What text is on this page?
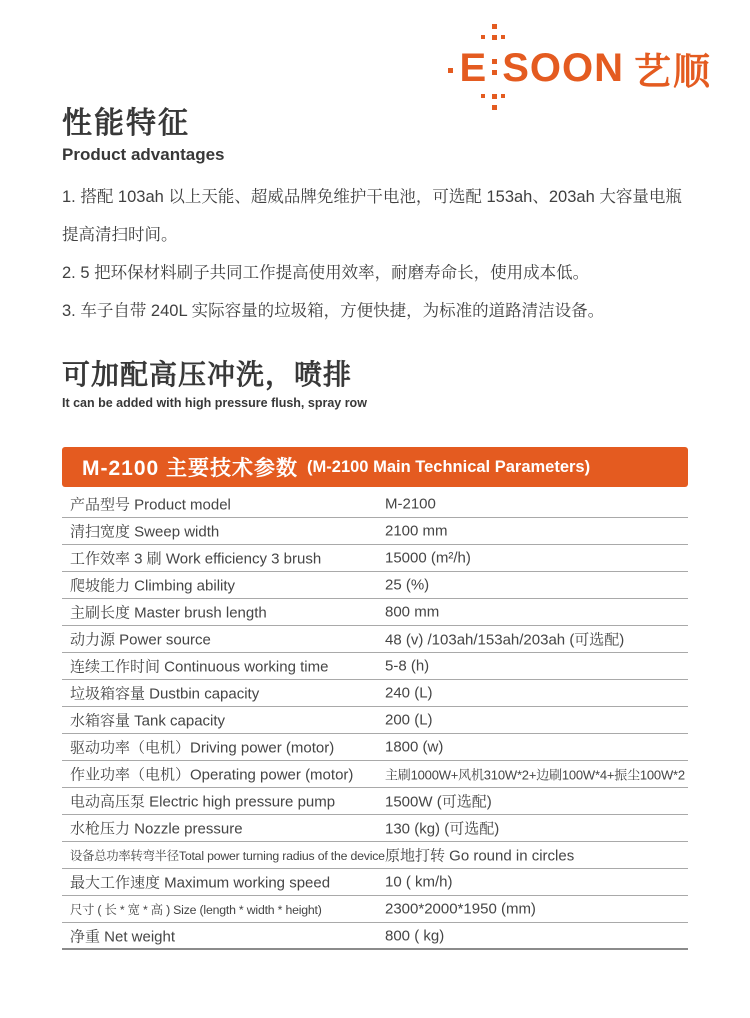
E SOON 艺顺
性能特征
Product advantages

1. 搭配 103ah 以上天能、超威品牌免维护干电池，可选配 153ah、203ah 大容量电瓶提高清扫时间。

2. 5 把环保材料刷子共同工作提高使用效率，耐磨寿命长，使用成本低。

3. 车子自带 240L 实际容量的垃圾箱，方便快捷，为标准的道路清洁设备。

可加配高压冲洗，喷排
It can be added with high pressure flush, spray row
M-2100 主要技术参数 (M-2100 Main Technical Parameters)
产品型号 Product model	M-2100
清扫宽度 Sweep width	2100 mm
工作效率 3 刷 Work efficiency 3 brush	15000 (m²/h)
爬坡能力 Climbing ability	25 (%)
主刷长度 Master brush length	800 mm
动力源 Power source	48 (v) /103ah/153ah/203ah (可选配)
连续工作时间 Continuous working time	5-8 (h)
垃圾箱容量 Dustbin capacity	240 (L)
水箱容量 Tank capacity	200 (L)
驱动功率（电机）Driving power (motor)	1800 (w)
作业功率（电机）Operating power (motor)	主刷1000W+风机310W*2+边刷100W*4+振尘100W*2
电动高压泵 Electric high pressure pump	1500W (可选配)
水枪压力 Nozzle pressure	130 (kg) (可选配)
设备总功率转弯半径Total power turning radius of the device 原地打转 Go round in circles
最大工作速度 Maximum working speed	10 ( km/h)
尺寸 ( 长 * 宽 * 高 ) Size (length * width * height)	2300*2000*1950 (mm)
净重 Net weight	800 ( kg)
